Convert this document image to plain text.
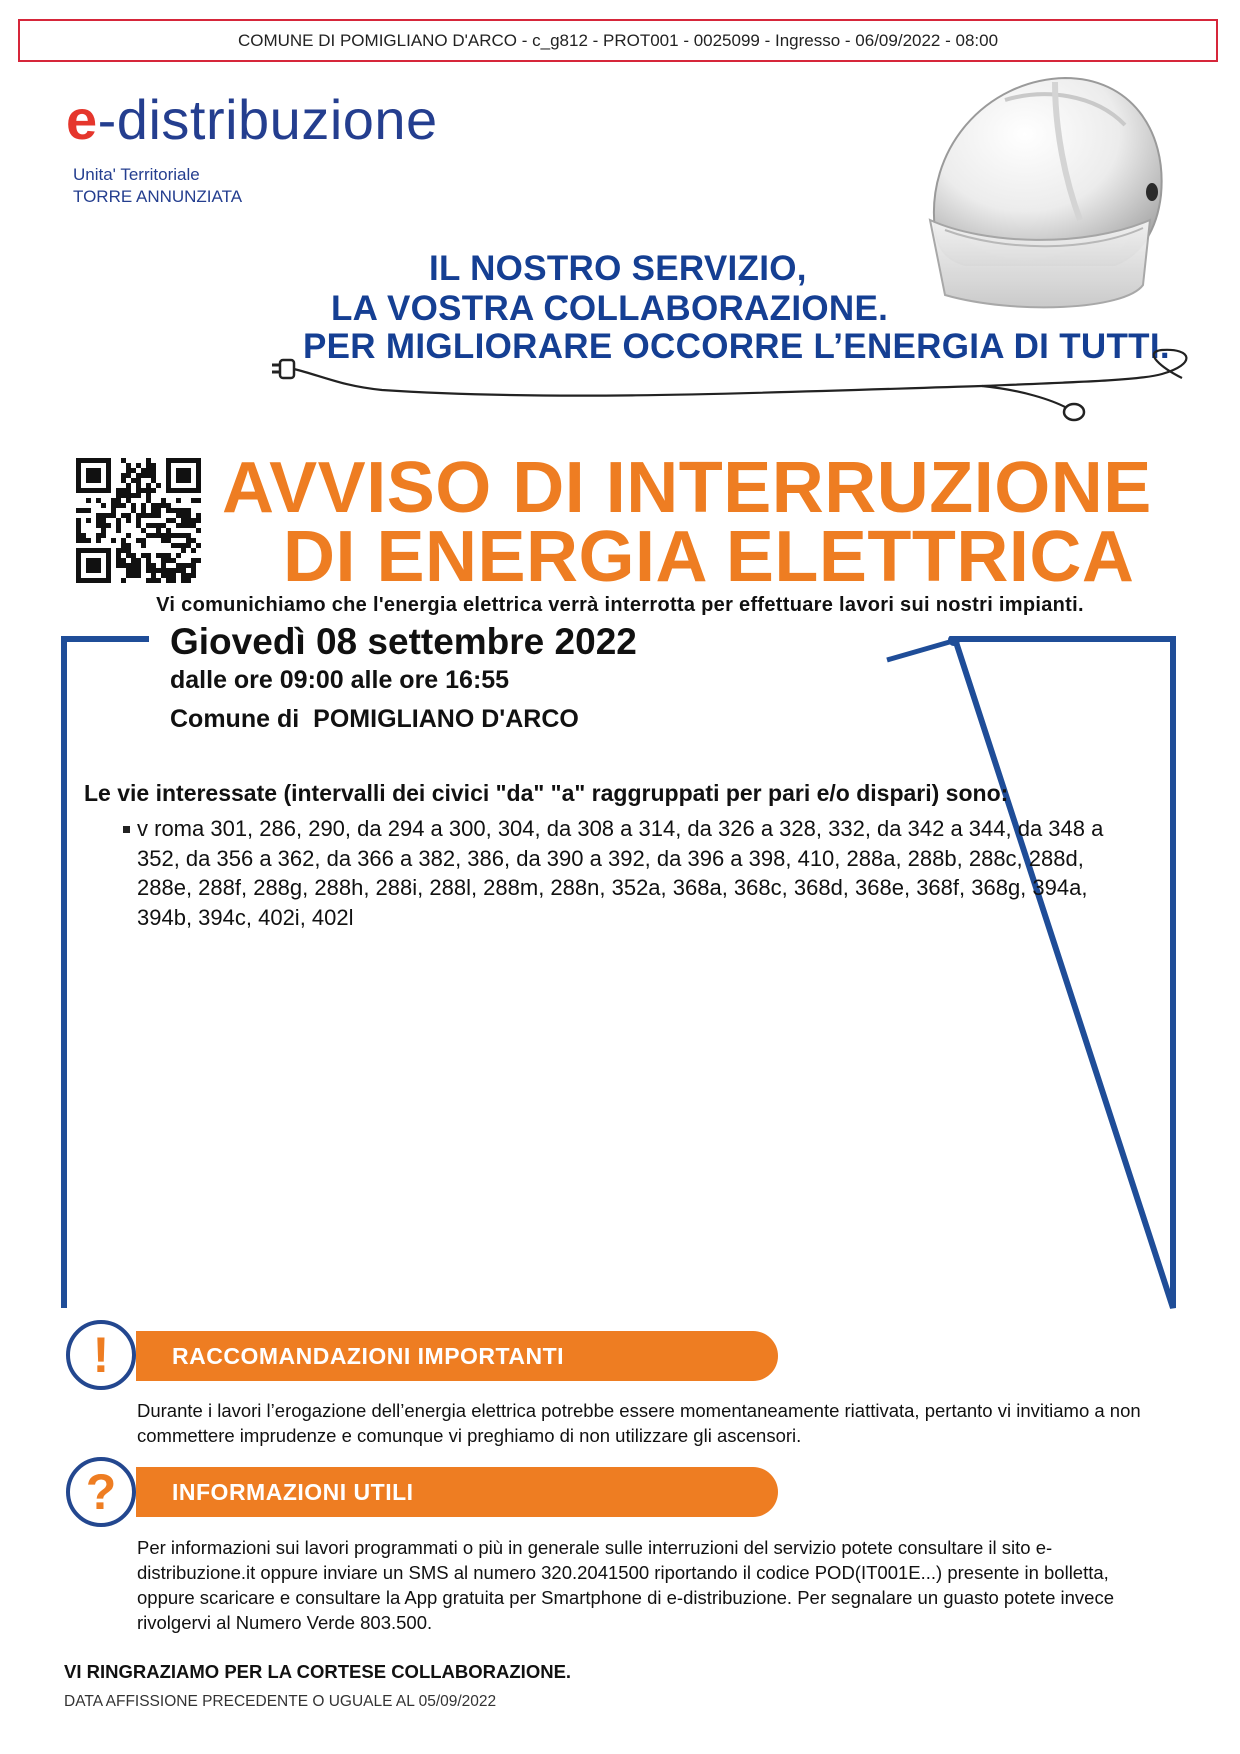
COMUNE DI POMIGLIANO D'ARCO - c_g812 - PROT001 - 0025099 - Ingresso - 06/09/2022 - 08:00
e-distribuzione
Unita' Territoriale
TORRE ANNUNZIATA
IL NOSTRO SERVIZIO,
LA VOSTRA COLLABORAZIONE.
PER MIGLIORARE OCCORRE L’ENERGIA DI TUTTI.
AVVISO DI INTERRUZIONE
DI ENERGIA ELETTRICA
Vi comunichiamo che l'energia elettrica verrà interrotta per effettuare lavori sui nostri impianti.
Giovedì 08 settembre 2022
dalle ore 09:00 alle ore 16:55
Comune di POMIGLIANO D'ARCO
Le vie interessate (intervalli dei civici "da" "a" raggruppati per pari e/o dispari) sono:
v roma 301, 286, 290, da 294 a 300, 304, da 308 a 314, da 326 a 328, 332, da 342 a 344, da 348 a 352, da 356 a 362, da 366 a 382, 386, da 390 a 392, da 396 a 398, 410, 288a, 288b, 288c, 288d, 288e, 288f, 288g, 288h, 288i, 288l, 288m, 288n, 352a, 368a, 368c, 368d, 368e, 368f, 368g, 394a, 394b, 394c, 402i, 402l
RACCOMANDAZIONI IMPORTANTI
!
Durante i lavori l’erogazione dell’energia elettrica potrebbe essere momentaneamente riattivata, pertanto vi invitiamo a non commettere imprudenze e comunque vi preghiamo di non utilizzare gli ascensori.
INFORMAZIONI UTILI
?
Per informazioni sui lavori programmati o più in generale sulle interruzioni del servizio potete consultare il sito e-distribuzione.it oppure inviare un SMS al numero 320.2041500 riportando il codice POD(IT001E...) presente in bolletta, oppure scaricare e consultare la App gratuita per Smartphone di e-distribuzione. Per segnalare un guasto potete invece rivolgervi al Numero Verde 803.500.
VI RINGRAZIAMO PER LA CORTESE COLLABORAZIONE.
DATA AFFISSIONE PRECEDENTE O UGUALE AL 05/09/2022
